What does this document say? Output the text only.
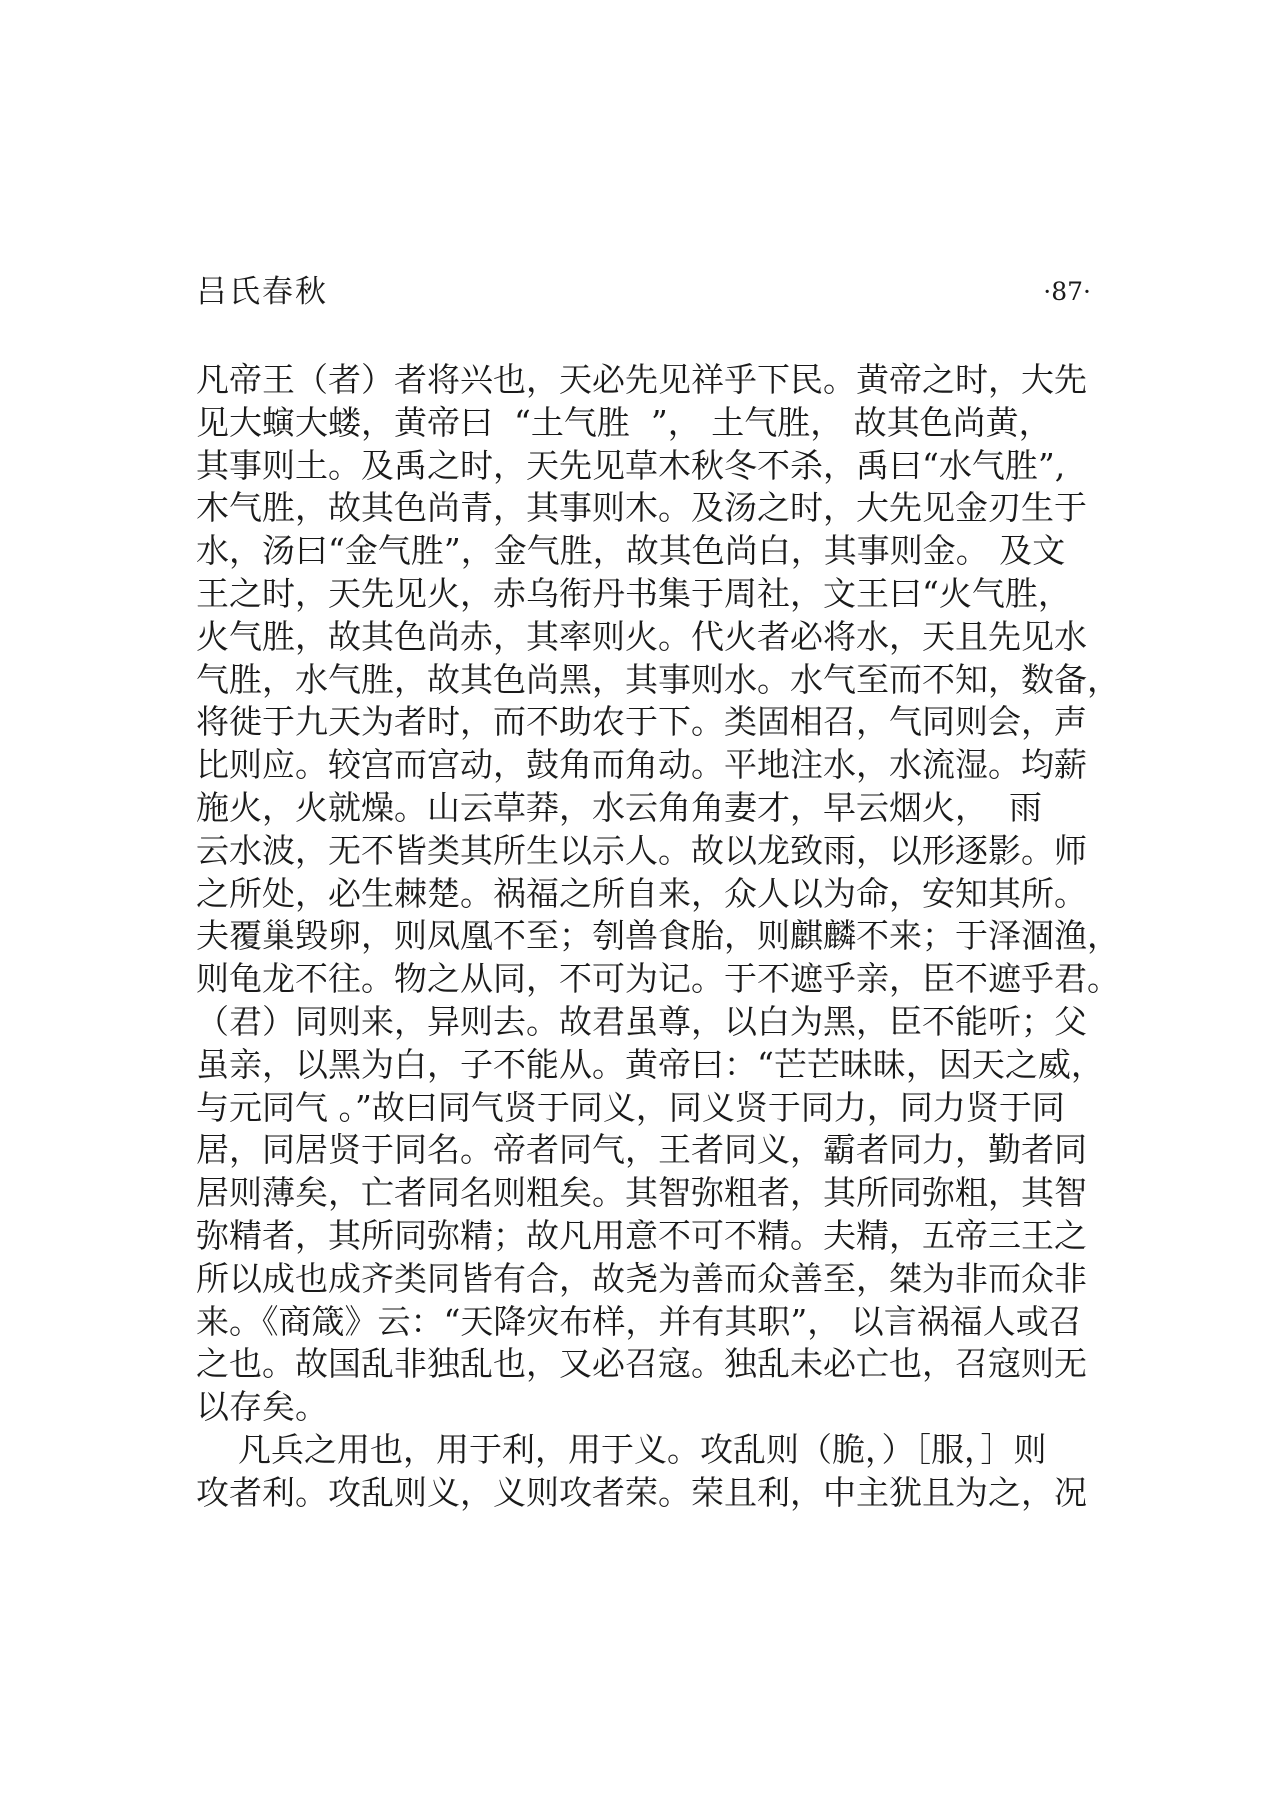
吕氏春秋	·87·
凡帝王（者）者将兴也，天必先见祥乎下民。黄帝之时，大先
见大螾大蝼，黄帝曰  “土气胜  ”， 土气胜， 故其色尚黄，
其事则土。及禹之时，天先见草木秋冬不杀，禹曰“水气胜”,
木气胜，故其色尚青，其事则木。及汤之时，大先见金刃生于
水，汤曰“金气胜”，金气胜，故其色尚白，其事则金。 及文
王之时，天先见火，赤乌衔丹书集于周社，文王曰“火气胜，
火气胜，故其色尚赤，其率则火。代火者必将水，天且先见水
气胜，水气胜，故其色尚黑，其事则水。水气至而不知，数备，
将徙于九天为者时，而不助农于下。类固相召，气同则会，声
比则应。较宫而宫动，鼓角而角动。平地注水，水流湿。均薪
施火，火就燥。山云草莽，水云角角妻才，早云烟火，  雨
云水波，无不皆类其所生以示人。故以龙致雨，以形逐影。师
之所处，必生棘楚。祸福之所自来，众人以为命，安知其所。
夫覆巢毁卵，则凤凰不至；刳兽食胎，则麒麟不来；于泽涸渔，
则龟龙不往。物之从同，不可为记。于不遮乎亲，臣不遮乎君。
（君）同则来，异则去。故君虽尊，以白为黑，臣不能听；父
虽亲，以黑为白，子不能从。黄帝曰：“芒芒昧昧，因天之威，
与元同气 。”故曰同气贤于同义，同义贤于同力，同力贤于同
居，同居贤于同名。帝者同气，王者同义，霸者同力，勤者同
居则薄矣，亡者同名则粗矣。其智弥粗者，其所同弥粗，其智
弥精者，其所同弥精；故凡用意不可不精。夫精，五帝三王之
所以成也成齐类同皆有合，故尧为善而众善至，桀为非而众非
来。《商箴》云：“天降灾布样，并有其职”， 以言祸福人或召
之也。故国乱非独乱也，又必召寇。独乱未必亡也，召寇则无
以存矣。
凡兵之用也，用于利，用于义。攻乱则（脆，）［服，］则
攻者利。攻乱则义，义则攻者荣。荣且利，中主犹且为之，况
